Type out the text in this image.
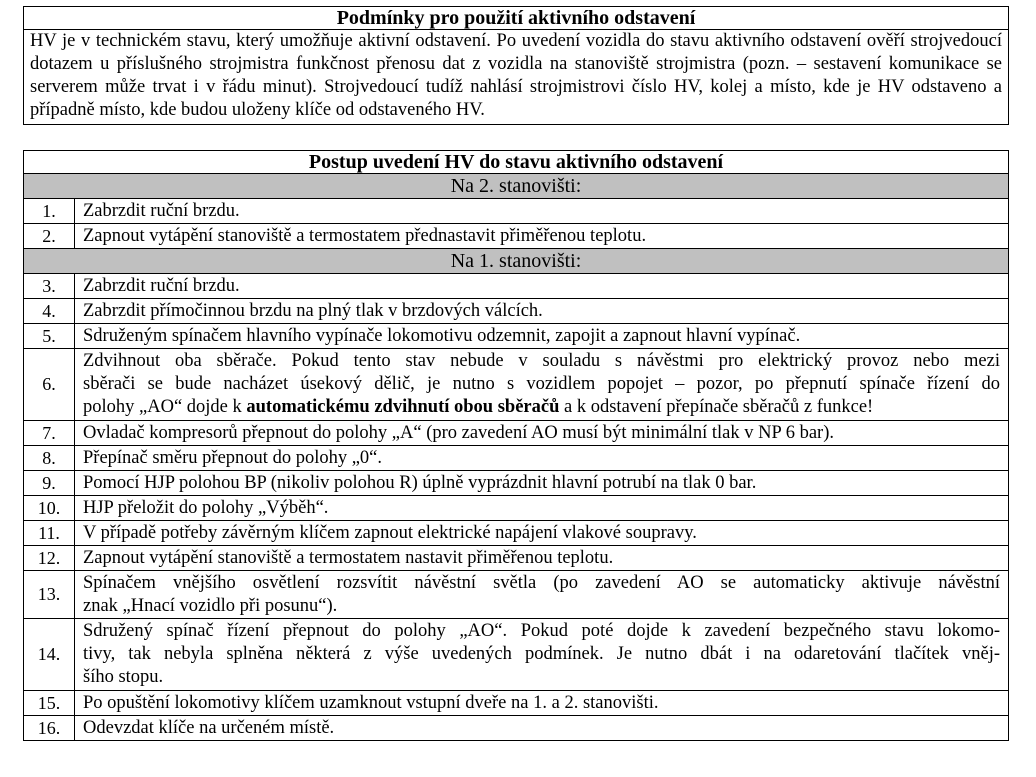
Podmínky pro použití aktivního odstavení
HV je v technickém stavu, který umožňuje aktivní odstavení. Po uvedení vozidla do stavu aktivního odstavení ověří strojvedoucí dotazem u příslušného strojmistra funkčnost přenosu dat z vozidla na stanoviště strojmistra (pozn. – sestavení komunikace se serverem může trvat i v řádu minut). Strojvedoucí tudíž nahlásí strojmistrovi číslo HV, kolej a místo, kde je HV odstaveno a případně místo, kde budou uloženy klíče od odstaveného HV.
Postup uvedení HV do stavu aktivního odstavení	
Na 2. stanovišti:	
1.	Zabrzdit ruční brzdu.
2.	Zapnout vytápění stanoviště a termostatem přednastavit přiměřenou teplotu.
Na 1. stanovišti:	
3.	Zabrzdit ruční brzdu.
4.	Zabrzdit přímočinnou brzdu na plný tlak v brzdových válcích.
5.	Sdruženým spínačem hlavního vypínače lokomotivu odzemnit, zapojit a zapnout hlavní vypínač.
6.	Zdvihnout oba sběrače. Pokud tento stav nebude v souladu s návěstmi pro elektrický provoz nebo mezi
sběrači se bude nacházet úsekový dělič, je nutno s vozidlem popojet – pozor, po přepnutí spínače řízení do
polohy „AO“ dojde k automatickému zdvihnutí obou sběračů a k odstavení přepínače sběračů z funkce!

7.	Ovladač kompresorů přepnout do polohy „A“ (pro zavedení AO musí být minimální tlak v NP 6 bar).
8.	Přepínač směru přepnout do polohy „0“.
9.	Pomocí HJP polohou BP (nikoliv polohou R) úplně vyprázdnit hlavní potrubí na tlak 0 bar.
10.	HJP přeložit do polohy „Výběh“.
11.	V případě potřeby závěrným klíčem zapnout elektrické napájení vlakové soupravy.
12.	Zapnout vytápění stanoviště a termostatem nastavit přiměřenou teplotu.
13.	Spínačem vnějšího osvětlení rozsvítit návěstní světla (po zavedení AO se automaticky aktivuje návěstní
znak „Hnací vozidlo při posunu“).

14.	Sdružený spínač řízení přepnout do polohy „AO“. Pokud poté dojde k zavedení bezpečného stavu lokomo-
tivy, tak nebyla splněna některá z výše uvedených podmínek. Je nutno dbát i na odaretování tlačítek vněj-
šího stopu.

15.	Po opuštění lokomotivy klíčem uzamknout vstupní dveře na 1. a 2. stanovišti.
16.	Odevzdat klíče na určeném místě.
